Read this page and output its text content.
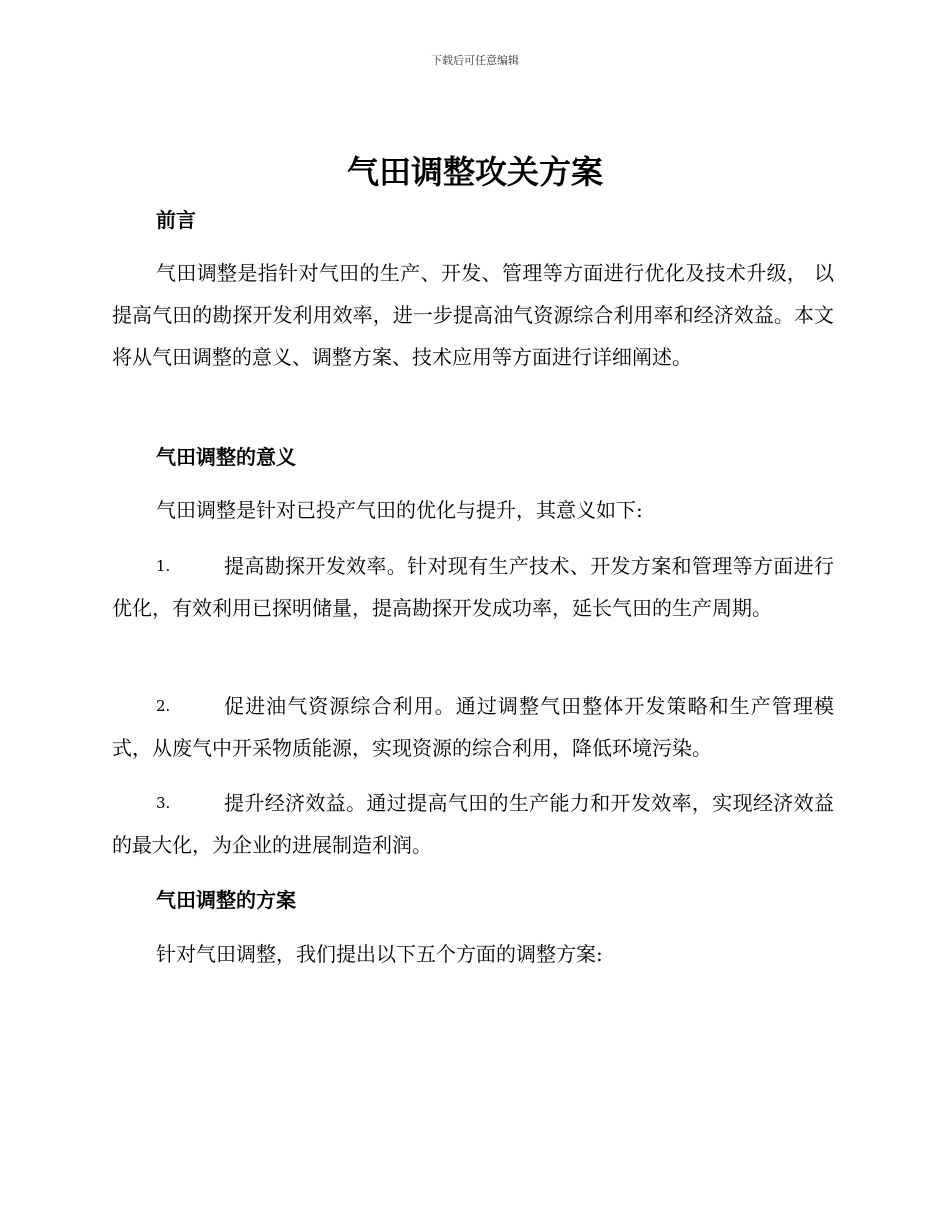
下载后可任意编辑
气田调整攻关方案
前言

气田调整是指针对气田的生产、开发、管理等方面进行优化及技术升级， 以提高气田的勘探开发利用效率，进一步提高油气资源综合利用率和经济效益。本文将从气田调整的意义、调整方案、技术应用等方面进行详细阐述。

气田调整的意义

气田调整是针对已投产气田的优化与提升，其意义如下:

1.	提高勘探开发效率。针对现有生产技术、开发方案和管理等方面进行优化，有效利用已探明储量，提高勘探开发成功率，延长气田的生产周期。

2.	促进油气资源综合利用。通过调整气田整体开发策略和生产管理模式，从废气中开采物质能源，实现资源的综合利用，降低环境污染。

3.	提升经济效益。通过提高气田的生产能力和开发效率，实现经济效益的最大化，为企业的进展制造利润。

气田调整的方案

针对气田调整，我们提出以下五个方面的调整方案:
